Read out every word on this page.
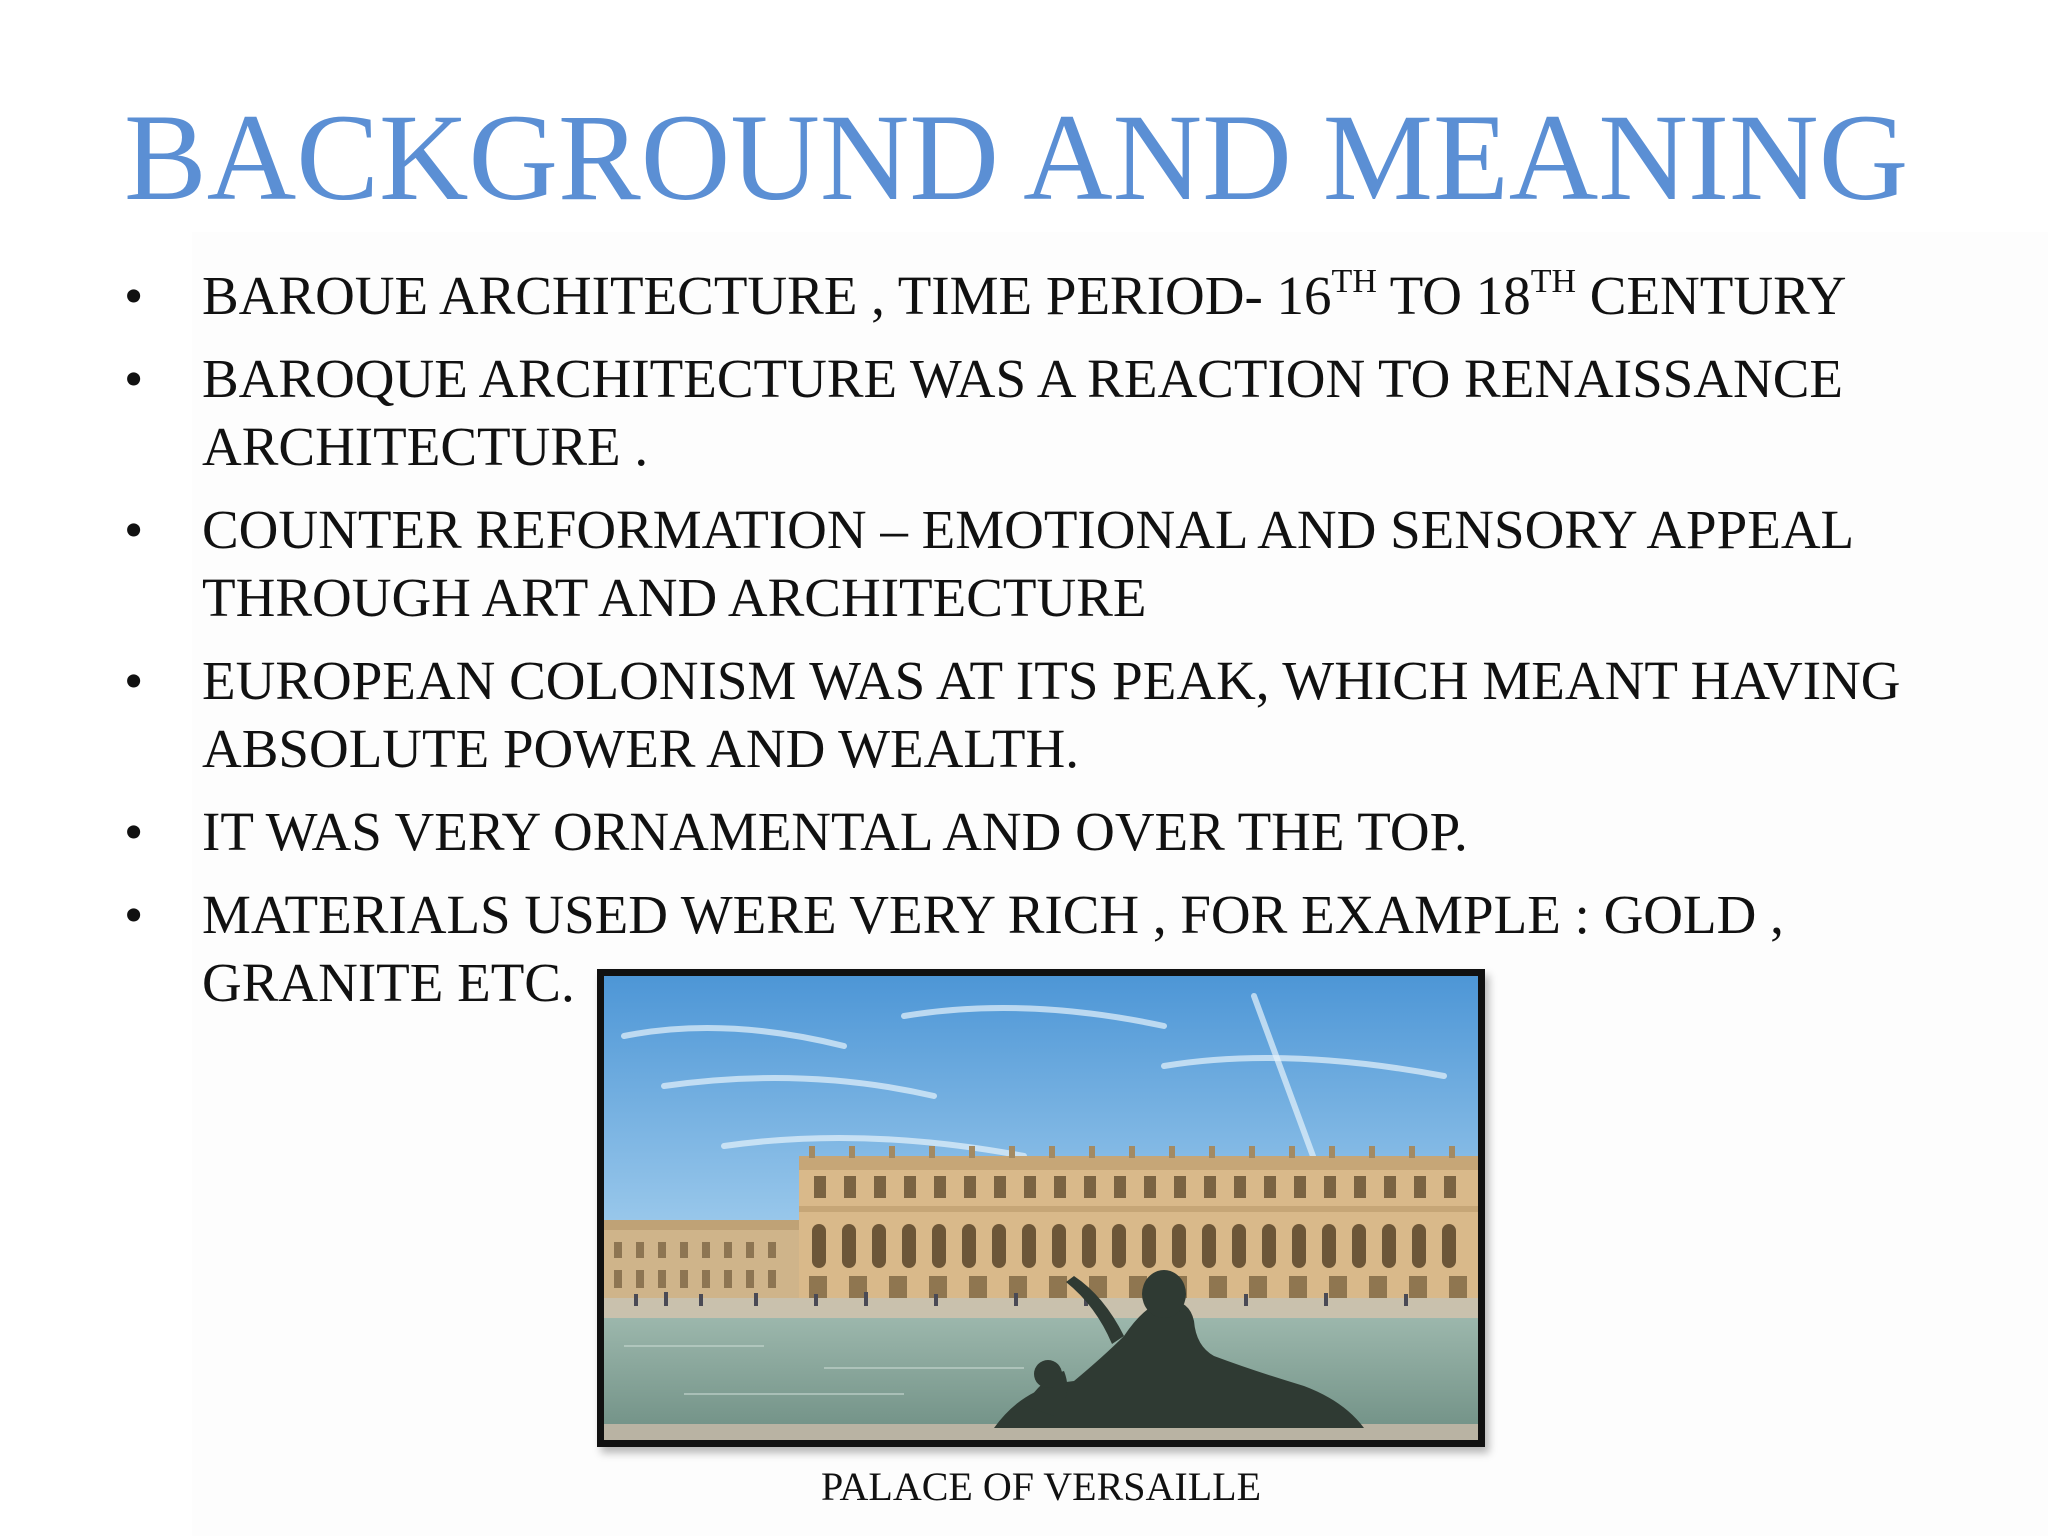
BACKGROUND AND MEANING
•	BAROUE ARCHITECTURE , TIME PERIOD- 16TH TO 18TH CENTURY
•	BAROQUE ARCHITECTURE WAS A REACTION TO RENAISSANCE ARCHITECTURE .
•	COUNTER REFORMATION – EMOTIONAL AND SENSORY APPEAL THROUGH ART AND ARCHITECTURE
•	EUROPEAN COLONISM WAS AT ITS PEAK, WHICH MEANT HAVING ABSOLUTE POWER AND WEALTH.
•	IT WAS VERY ORNAMENTAL AND OVER THE TOP.
•	MATERIALS USED WERE VERY RICH , FOR EXAMPLE : GOLD , GRANITE ETC.

PALACE OF VERSAILLE
